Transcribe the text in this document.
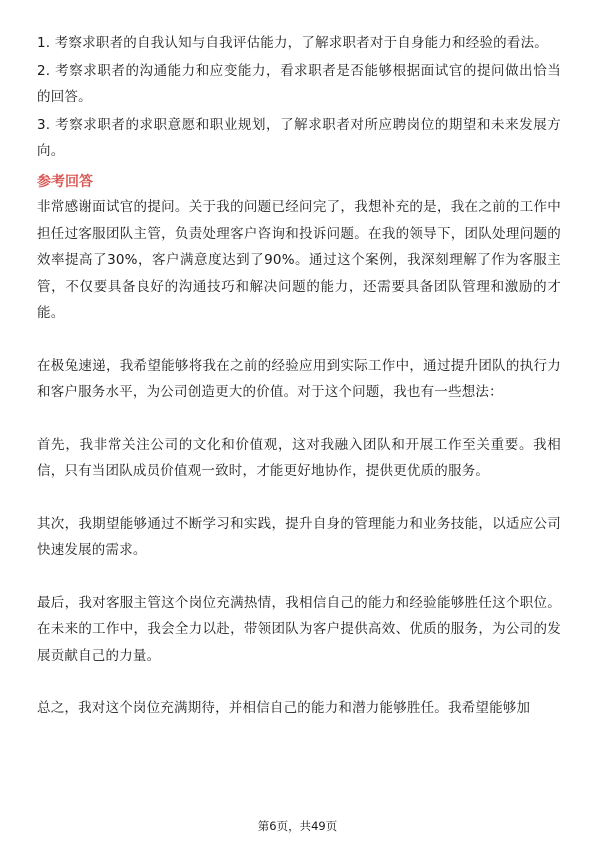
1. 考察求职者的自我认知与自我评估能力，了解求职者对于自身能力和经验的看法。

2. 考察求职者的沟通能力和应变能力，看求职者是否能够根据面试官的提问做出恰当的回答。

3. 考察求职者的求职意愿和职业规划，了解求职者对所应聘岗位的期望和未来发展方向。

参考回答

非常感谢面试官的提问。关于我的问题已经问完了，我想补充的是，我在之前的工作中担任过客服团队主管，负责处理客户咨询和投诉问题。在我的领导下，团队处理问题的效率提高了30%，客户满意度达到了90%。通过这个案例，我深刻理解了作为客服主管，不仅要具备良好的沟通技巧和解决问题的能力，还需要具备团队管理和激励的才能。

在极兔速递，我希望能够将我在之前的经验应用到实际工作中，通过提升团队的执行力和客户服务水平，为公司创造更大的价值。对于这个问题，我也有一些想法：

首先，我非常关注公司的文化和价值观，这对我融入团队和开展工作至关重要。我相信，只有当团队成员价值观一致时，才能更好地协作，提供更优质的服务。

其次，我期望能够通过不断学习和实践，提升自身的管理能力和业务技能，以适应公司快速发展的需求。

最后，我对客服主管这个岗位充满热情，我相信自己的能力和经验能够胜任这个职位。在未来的工作中，我会全力以赴，带领团队为客户提供高效、优质的服务，为公司的发展贡献自己的力量。

总之，我对这个岗位充满期待，并相信自己的能力和潜力能够胜任。我希望能够加

第6页，共49页
